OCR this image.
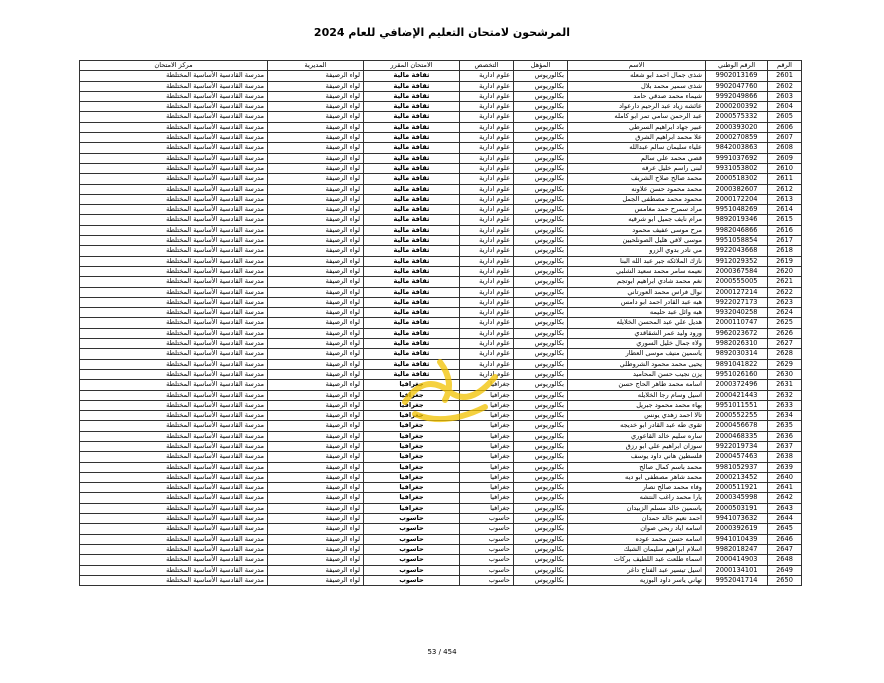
المرشحون لامتحان التعليم الإضافي للعام 2024
الرقم	الرقم الوطني	الاسم	المؤهل	التخصص	الامتحان المقرر	المديرية	مركز الامتحان
2601	9902013169	شذى جمال احمد ابو شعله	بكالوريوس	علوم ادارية	ثقافة مالية	لواء الرصيفة	مدرسة القادسية الأساسية المختلطة
2602	9902047760	شذى سمير محمد بلال	بكالوريوس	علوم ادارية	ثقافة مالية	لواء الرصيفة	مدرسة القادسية الأساسية المختلطة
2603	9992049866	شيماء محمد صدقي حامد	بكالوريوس	علوم ادارية	ثقافة مالية	لواء الرصيفة	مدرسة القادسية الأساسية المختلطة
2604	2000200392	عائشه زياد عبد الرحيم دارعواد	بكالوريوس	علوم ادارية	ثقافة مالية	لواء الرصيفة	مدرسة القادسية الأساسية المختلطة
2605	2000575332	عبد الرحمن سامي تمر ابو كامله	بكالوريوس	علوم ادارية	ثقافة مالية	لواء الرصيفة	مدرسة القادسية الأساسية المختلطة
2606	2000393020	عبير جهاد ابراهيم السرطي	بكالوريوس	علوم ادارية	ثقافة مالية	لواء الرصيفة	مدرسة القادسية الأساسية المختلطة
2607	2000270859	علا محمد ابراهيم الشرق	بكالوريوس	علوم ادارية	ثقافة مالية	لواء الرصيفة	مدرسة القادسية الأساسية المختلطة
2608	9842003863	علياء سليمان سالم عبدالله	بكالوريوس	علوم ادارية	ثقافة مالية	لواء الرصيفة	مدرسة القادسية الأساسية المختلطة
2609	9991037692	قصي محمد علي سالم	بكالوريوس	علوم ادارية	ثقافة مالية	لواء الرصيفة	مدرسة القادسية الأساسية المختلطة
2610	9931053802	لبنى راسم خليل عرقه	بكالوريوس	علوم ادارية	ثقافة مالية	لواء الرصيفة	مدرسة القادسية الأساسية المختلطة
2611	2000518302	محمد صالح صلاح الشريف	بكالوريوس	علوم ادارية	ثقافة مالية	لواء الرصيفة	مدرسة القادسية الأساسية المختلطة
2612	2000382607	محمد محمود حسن علاونه	بكالوريوس	علوم ادارية	ثقافة مالية	لواء الرصيفة	مدرسة القادسية الأساسية المختلطة
2613	2000172204	محمود محمد مصطفى الجمل	بكالوريوس	علوم ادارية	ثقافة مالية	لواء الرصيفة	مدرسة القادسية الأساسية المختلطة
2614	9951048269	مراد سمرح حمد مغامس	بكالوريوس	علوم ادارية	ثقافة مالية	لواء الرصيفة	مدرسة القادسية الأساسية المختلطة
2615	9892019346	مرام نايف جميل ابو شرقيه	بكالوريوس	علوم ادارية	ثقافة مالية	لواء الرصيفة	مدرسة القادسية الأساسية المختلطة
2616	9982046866	مرح موسى عفيف محمود	بكالوريوس	علوم ادارية	ثقافة مالية	لواء الرصيفة	مدرسة القادسية الأساسية المختلطة
2617	9951058854	موسى لافي هليل الصونلحيين	بكالوريوس	علوم ادارية	ثقافة مالية	لواء الرصيفة	مدرسة القادسية الأساسية المختلطة
2618	9922043668	مي نادر بدوي الزرو	بكالوريوس	علوم ادارية	ثقافة مالية	لواء الرصيفة	مدرسة القادسية الأساسية المختلطة
2619	9912029352	نازك الملائكه جبر عبد الله البنا	بكالوريوس	علوم ادارية	ثقافة مالية	لواء الرصيفة	مدرسة القادسية الأساسية المختلطة
2620	2000367584	نعيمه سامر محمد سعيد الشلبي	بكالوريوس	علوم ادارية	ثقافة مالية	لواء الرصيفة	مدرسة القادسية الأساسية المختلطة
2621	2000555005	نغم محمد شادي ابراهيم ابوتجم	بكالوريوس	علوم ادارية	ثقافة مالية	لواء الرصيفة	مدرسة القادسية الأساسية المختلطة
2622	2000127214	نوال فراس محمد العورتاني	بكالوريوس	علوم ادارية	ثقافة مالية	لواء الرصيفة	مدرسة القادسية الأساسية المختلطة
2623	9922027173	هبه عبد القادر احمد ابو دامس	بكالوريوس	علوم ادارية	ثقافة مالية	لواء الرصيفة	مدرسة القادسية الأساسية المختلطة
2624	9932040258	هبه وائل عبد حليمه	بكالوريوس	علوم ادارية	ثقافة مالية	لواء الرصيفة	مدرسة القادسية الأساسية المختلطة
2625	2000110747	هديل علي عبد المحسن الخلايله	بكالوريوس	علوم ادارية	ثقافة مالية	لواء الرصيفة	مدرسة القادسية الأساسية المختلطة
2626	9962023672	ورود وليد عمر الشقاقدي	بكالوريوس	علوم ادارية	ثقافة مالية	لواء الرصيفة	مدرسة القادسية الأساسية المختلطة
2627	9982026310	ولاء جمال خليل السوري	بكالوريوس	علوم ادارية	ثقافة مالية	لواء الرصيفة	مدرسة القادسية الأساسية المختلطة
2628	9892030314	ياسمين منيف موسى العطار	بكالوريوس	علوم ادارية	ثقافة مالية	لواء الرصيفة	مدرسة القادسية الأساسية المختلطة
2629	9891041822	يحيى محمد محمود الشروطلي	بكالوريوس	علوم ادارية	ثقافة مالية	لواء الرصيفة	مدرسة القادسية الأساسية المختلطة
2630	9951026160	يزن نجيب حسن المحاميد	بكالوريوس	علوم ادارية	ثقافة مالية	لواء الرصيفة	مدرسة القادسية الأساسية المختلطة
2631	2000372496	اسامه محمد طاهر الحاج حسن	بكالوريوس	جغرافيا	جغرافيا	لواء الرصيفة	مدرسة القادسية الأساسية المختلطة
2632	2000421443	اسيل وسام رجا الخلايله	بكالوريوس	جغرافيا	جغرافيا	لواء الرصيفة	مدرسة القادسية الأساسية المختلطة
2633	9951011551	بهاء محمد محمود جبريل	بكالوريوس	جغرافيا	جغرافيا	لواء الرصيفة	مدرسة القادسية الأساسية المختلطة
2634	2000552255	تالا احمد زهدي يونس	بكالوريوس	جغرافيا	جغرافيا	لواء الرصيفة	مدرسة القادسية الأساسية المختلطة
2635	2000456678	تقوى طه عبد القادر ابو خديجه	بكالوريوس	جغرافيا	جغرافيا	لواء الرصيفة	مدرسة القادسية الأساسية المختلطة
2636	2000468335	ساره سليم خالد القاعوري	بكالوريوس	جغرافيا	جغرافيا	لواء الرصيفة	مدرسة القادسية الأساسية المختلطة
2637	9922019734	سوزان ابراهيم علي ابو رزق	بكالوريوس	جغرافيا	جغرافيا	لواء الرصيفة	مدرسة القادسية الأساسية المختلطة
2638	2000457463	فلسطين هاني داود يوسف	بكالوريوس	جغرافيا	جغرافيا	لواء الرصيفة	مدرسة القادسية الأساسية المختلطة
2639	9981052937	محمد باسم كمال صالح	بكالوريوس	جغرافيا	جغرافيا	لواء الرصيفة	مدرسة القادسية الأساسية المختلطة
2640	2000213452	محمد شاهر مصطفى ابو ديه	بكالوريوس	جغرافيا	جغرافيا	لواء الرصيفة	مدرسة القادسية الأساسية المختلطة
2641	2000511921	وفاء محمد صالح نصار	بكالوريوس	جغرافيا	جغرافيا	لواء الرصيفة	مدرسة القادسية الأساسية المختلطة
2642	2000345998	يارا محمد راغب النتشه	بكالوريوس	جغرافيا	جغرافيا	لواء الرصيفة	مدرسة القادسية الأساسية المختلطة
2643	2000503191	ياسمين خالد مسلم الزبيدان	بكالوريوس	جغرافيا	جغرافيا	لواء الرصيفة	مدرسة القادسية الأساسية المختلطة
2644	9941073632	احمد نعيم خالد حمدان	بكالوريوس	حاسوب	حاسوب	لواء الرصيفة	مدرسة القادسية الأساسية المختلطة
2645	2000392619	اسامه اياد ربحي صوان	بكالوريوس	حاسوب	حاسوب	لواء الرصيفة	مدرسة القادسية الأساسية المختلطة
2646	9941010439	اسامه حسن محمد عوده	بكالوريوس	حاسوب	حاسوب	لواء الرصيفة	مدرسة القادسية الأساسية المختلطة
2647	9982018247	اسلام ابراهيم سليمان الشبك	بكالوريوس	حاسوب	حاسوب	لواء الرصيفة	مدرسة القادسية الأساسية المختلطة
2648	2000414903	اسماء طلعت عبد اللطيف بركات	بكالوريوس	حاسوب	حاسوب	لواء الرصيفة	مدرسة القادسية الأساسية المختلطة
2649	2000134101	اسيل تيسير عبد الفتاح داغر	بكالوريوس	حاسوب	حاسوب	لواء الرصيفة	مدرسة القادسية الأساسية المختلطة
2650	9952041714	تهاني ياسر داود البوزيه	بكالوريوس	حاسوب	حاسوب	لواء الرصيفة	مدرسة القادسية الأساسية المختلطة
53 / 454
